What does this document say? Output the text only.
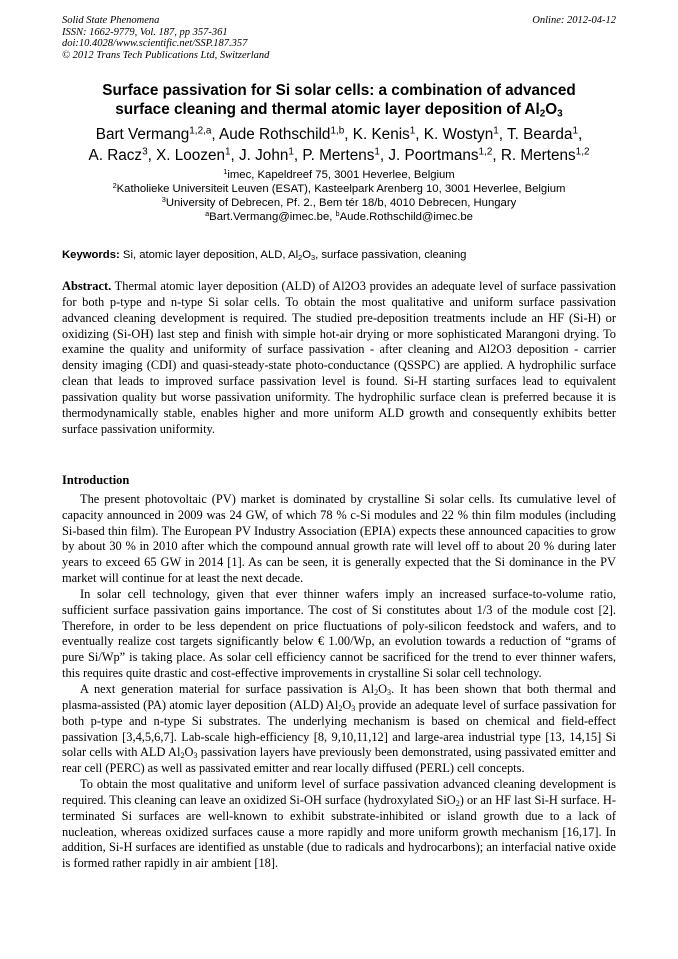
Solid State Phenomena
ISSN: 1662-9779, Vol. 187, pp 357-361
doi:10.4028/www.scientific.net/SSP.187.357
© 2012 Trans Tech Publications Ltd, Switzerland
Online: 2012-04-12
Surface passivation for Si solar cells: a combination of advanced
surface cleaning and thermal atomic layer deposition of $Al_2O_3$
Bart Vermang$^{1,2,a}$, Aude Rothschild$^{1,b}$, K. Kenis$^1$, K. Wostyn$^1$, T. Bearda$^1$,
A. Racz$^3$, X. Loozen$^1$, J. John$^1$, P. Mertens$^1$, J. Poortmans$^{1,2}$, R. Mertens$^{1,2}$
$^1$imec, Kapeldreef 75, 3001 Heverlee, Belgium
$^2$Katholieke Universiteit Leuven (ESAT), Kasteelpark Arenberg 10, 3001 Heverlee, Belgium
$^3$University of Debrecen, Pf. 2., Bem tér 18/b, 4010 Debrecen, Hungary
$^a$Bart.Vermang@imec.be, $^b$Aude.Rothschild@imec.be
Keywords: Si, atomic layer deposition, ALD, $Al_2O_3$, surface passivation, cleaning
Abstract. Thermal atomic layer deposition (ALD) of Al2O3 provides an adequate level of surface passivation for both p-type and n-type Si solar cells. To obtain the most qualitative and uniform surface passivation advanced cleaning development is required. The studied pre-deposition treatments include an HF (Si-H) or oxidizing (Si-OH) last step and finish with simple hot-air drying or more sophisticated Marangoni drying. To examine the quality and uniformity of surface passivation - after cleaning and Al2O3 deposition - carrier density imaging (CDI) and quasi-steady-state photo-conductance (QSSPC) are applied. A hydrophilic surface clean that leads to improved surface passivation level is found. Si-H starting surfaces lead to equivalent passivation quality but worse passivation uniformity. The hydrophilic surface clean is preferred because it is thermodynamically stable, enables higher and more uniform ALD growth and consequently exhibits better surface passivation uniformity.
Introduction

The present photovoltaic (PV) market is dominated by crystalline Si solar cells. Its cumulative level of capacity announced in 2009 was 24 GW, of which 78 % c-Si modules and 22 % thin film modules (including Si-based thin film). The European PV Industry Association (EPIA) expects these announced capacities to grow by about 30 % in 2010 after which the compound annual growth rate will level off to about 20 % during later years to exceed 65 GW in 2014 [1]. As can be seen, it is generally expected that the Si dominance in the PV market will continue for at least the next decade.

In solar cell technology, given that ever thinner wafers imply an increased surface-to-volume ratio, sufficient surface passivation gains importance. The cost of Si constitutes about 1/3 of the module cost [2]. Therefore, in order to be less dependent on price fluctuations of poly-silicon feedstock and wafers, and to eventually realize cost targets significantly below € 1.00/Wp, an evolution towards a reduction of “grams of pure Si/Wp” is taking place. As solar cell efficiency cannot be sacrificed for the trend to ever thinner wafers, this requires quite drastic and cost-effective improvements in crystalline Si solar cell technology.

A next generation material for surface passivation is $Al_2O_3$. It has been shown that both thermal and plasma-assisted (PA) atomic layer deposition (ALD) $Al_2O_3$ provide an adequate level of surface passivation for both p-type and n-type Si substrates. The underlying mechanism is based on chemical and field-effect passivation [3,4,5,6,7]. Lab-scale high-efficiency [8, 9,10,11,12] and large-area industrial type [13, 14,15] Si solar cells with ALD $Al_2O_3$ passivation layers have previously been demonstrated, using passivated emitter and rear cell (PERC) as well as passivated emitter and rear locally diffused (PERL) cell concepts.

To obtain the most qualitative and uniform level of surface passivation advanced cleaning development is required. This cleaning can leave an oxidized Si-OH surface (hydroxylated SiO$_2$) or an HF last Si-H surface. H-terminated Si surfaces are well-known to exhibit substrate-inhibited or island growth due to a lack of nucleation, whereas oxidized surfaces cause a more rapidly and more uniform growth mechanism [16,17]. In addition, Si-H surfaces are identified as unstable (due to radicals and hydrocarbons); an interfacial native oxide is formed rather rapidly in air ambient [18].
